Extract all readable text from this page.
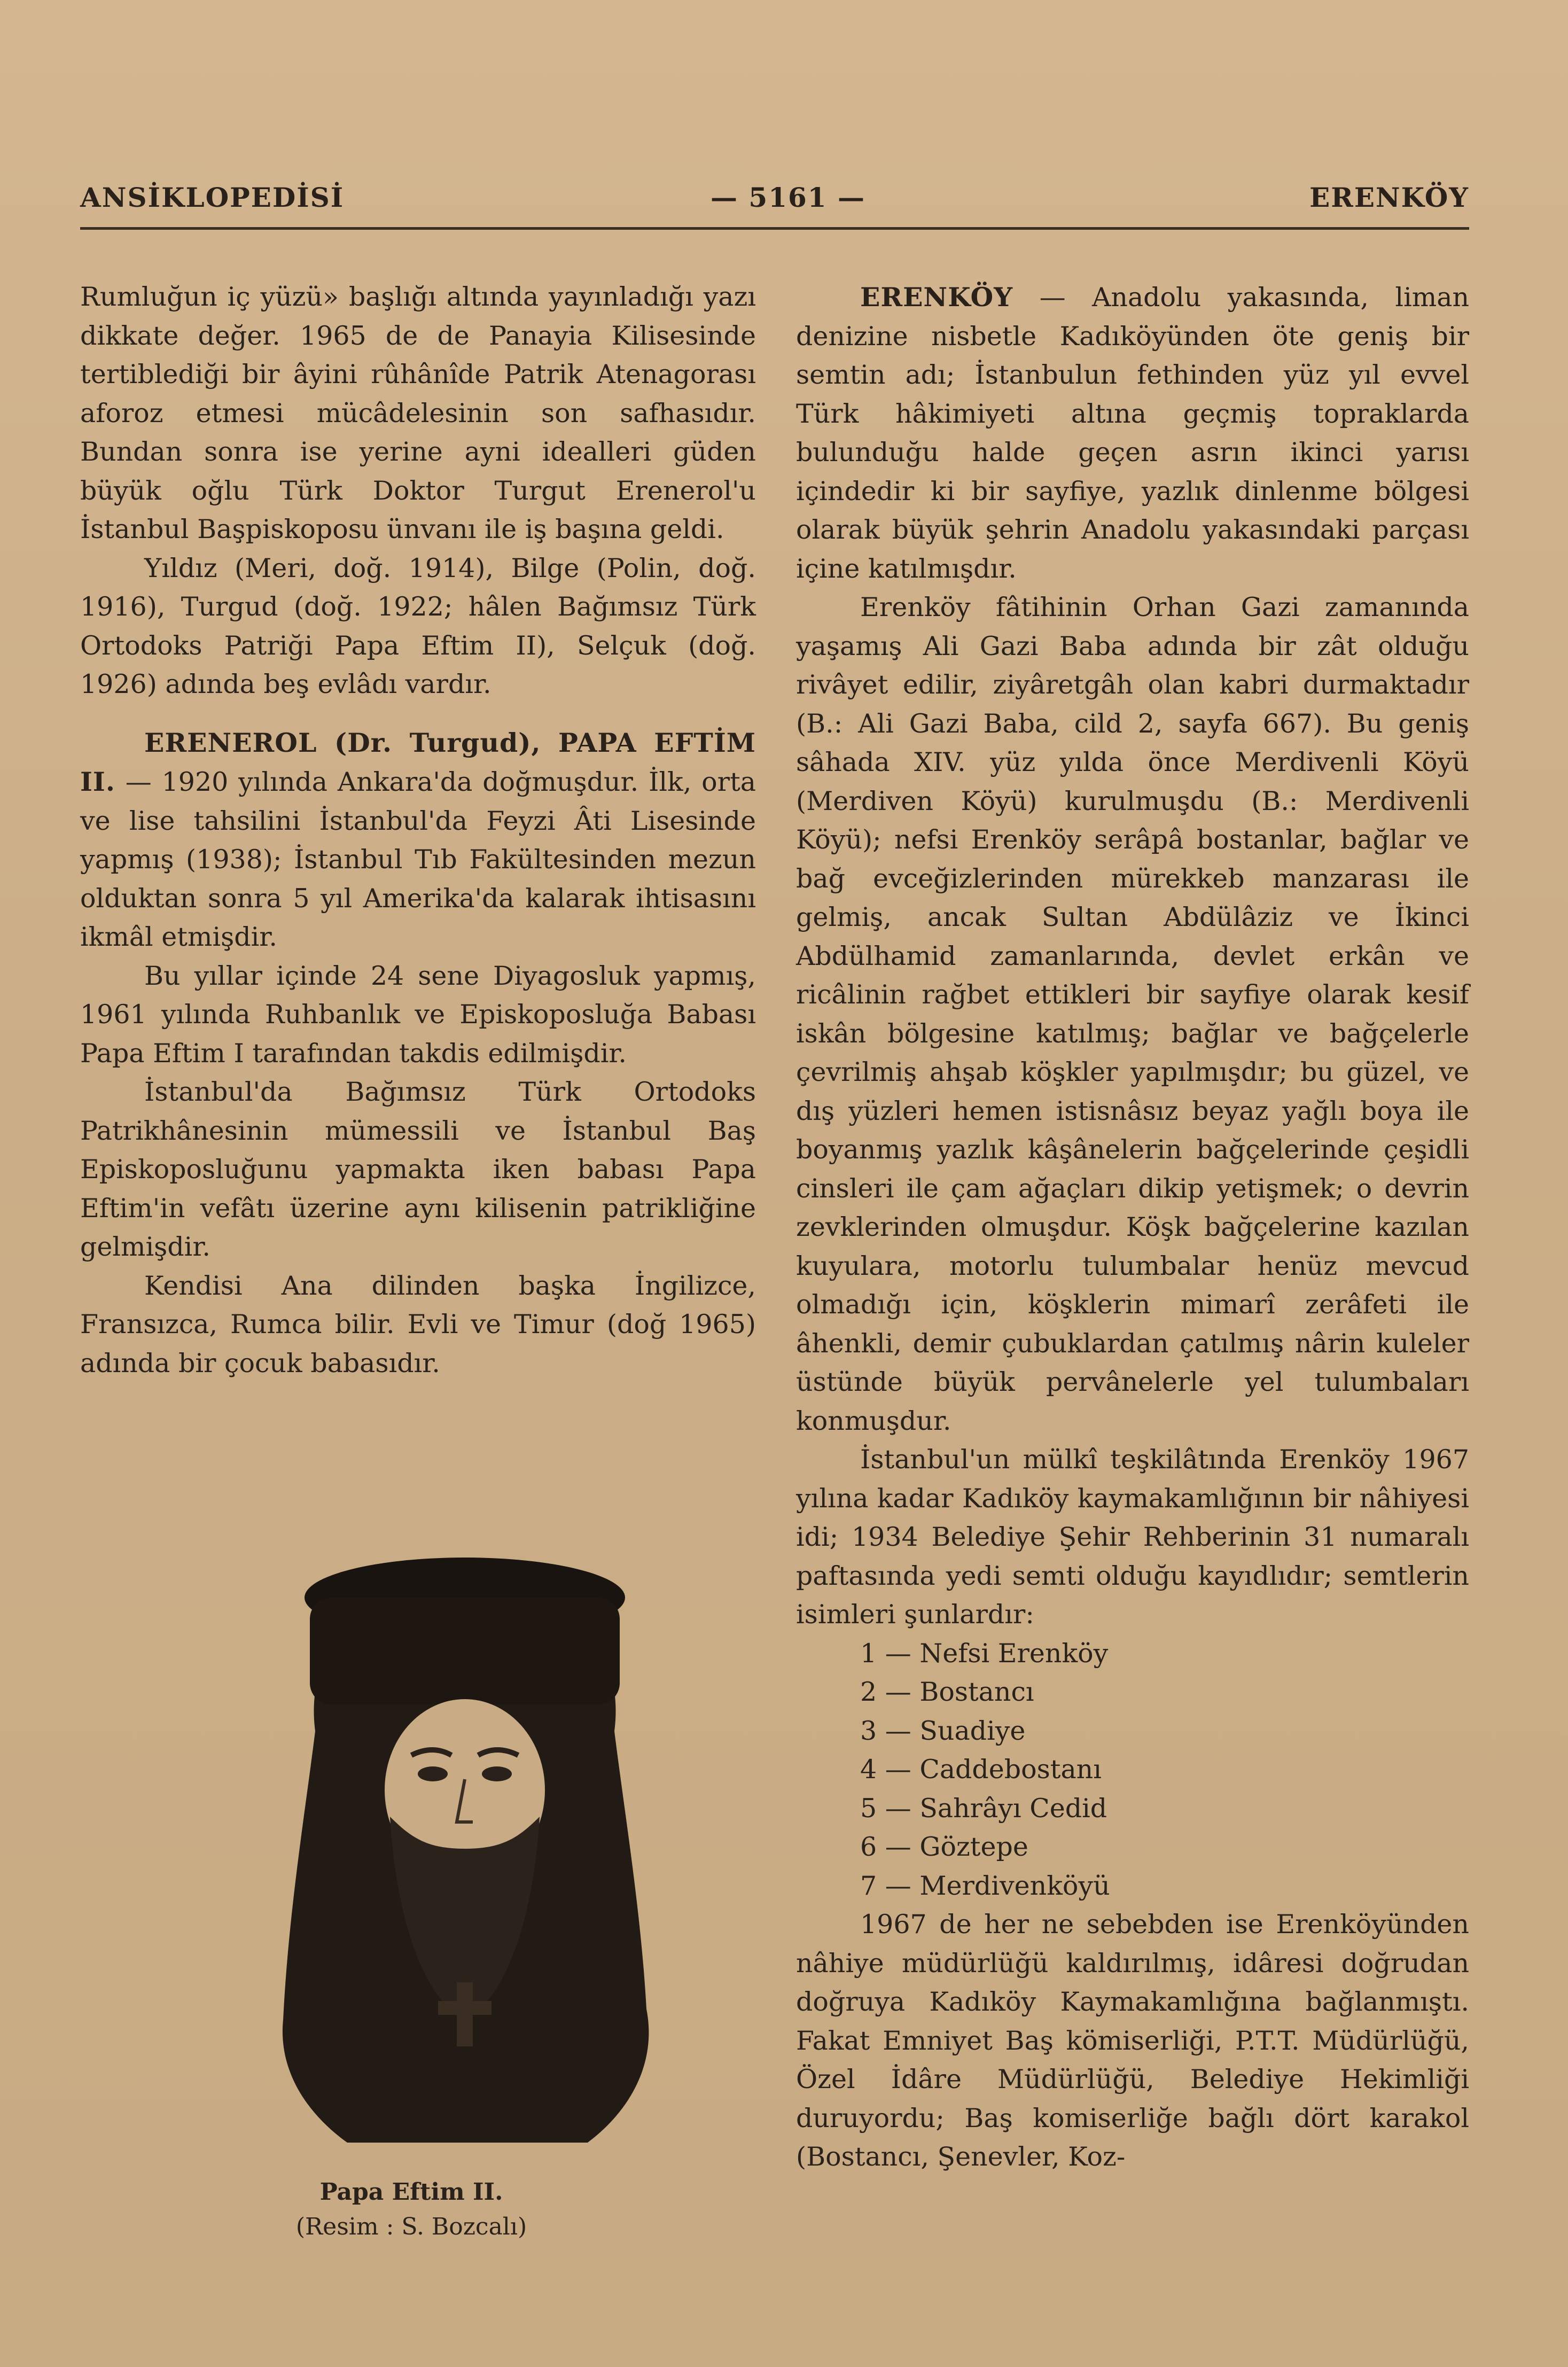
ANSİKLOPEDİSİ	— 5161 —	ERENKÖY

Rumluğun iç yüzü» başlığı altında yayınladığı yazı dikkate değer. 1965 de de Panayia Kilisesinde tertiblediği bir âyini rûhânîde Patrik Atenagorası aforoz etmesi mücâdelesinin son safhasıdır. Bundan sonra ise yerine ayni idealleri güden büyük oğlu Türk Doktor Turgut Erenerol'u İstanbul Başpiskoposu ünvanı ile iş başına geldi.

Yıldız (Meri, doğ. 1914), Bilge (Polin, doğ. 1916), Turgud (doğ. 1922; hâlen Bağımsız Türk Ortodoks Patriği Papa Eftim II), Selçuk (doğ. 1926) adında beş evlâdı vardır.

ERENEROL (Dr. Turgud), PAPA EFTİM II. — 1920 yılında Ankara'da doğmuşdur. İlk, orta ve lise tahsilini İstanbul'da Feyzi Âti Lisesinde yapmış (1938); İstanbul Tıb Fakültesinden mezun olduktan sonra 5 yıl Amerika'da kalarak ihtisasını ikmâl etmişdir.

Bu yıllar içinde 24 sene Diyagosluk yapmış, 1961 yılında Ruhbanlık ve Episkoposluğa Babası Papa Eftim I tarafından takdis edilmişdir.

İstanbul'da Bağımsız Türk Ortodoks Patrikhânesinin mümessili ve İstanbul Baş Episkoposluğunu yapmakta iken babası Papa Eftim'in vefâtı üzerine aynı kilisenin patrikliğine gelmişdir.

Kendisi Ana dilinden başka İngilizce, Fransızca, Rumca bilir. Evli ve Timur (doğ 1965) adında bir çocuk babasıdır.

Papa Eftim II.
(Resim : S. Bozcalı)

ERENKÖY — Anadolu yakasında, liman denizine nisbetle Kadıköyünden öte geniş bir semtin adı; İstanbulun fethinden yüz yıl evvel Türk hâkimiyeti altına geçmiş topraklarda bulunduğu halde geçen asrın ikinci yarısı içindedir ki bir sayfiye, yazlık dinlenme bölgesi olarak büyük şehrin Anadolu yakasındaki parçası içine katılmışdır.

Erenköy fâtihinin Orhan Gazi zamanında yaşamış Ali Gazi Baba adında bir zât olduğu rivâyet edilir, ziyâretgâh olan kabri durmaktadır (B.: Ali Gazi Baba, cild 2, sayfa 667). Bu geniş sâhada XIV. yüz yılda önce Merdivenli Köyü (Merdiven Köyü) kurulmuşdu (B.: Merdivenli Köyü); nefsi Erenköy serâpâ bostanlar, bağlar ve bağ evceğizlerinden mürekkeb manzarası ile gelmiş, ancak Sultan Abdülâziz ve İkinci Abdülhamid zamanlarında, devlet erkân ve ricâlinin rağbet ettikleri bir sayfiye olarak kesif iskân bölgesine katılmış; bağlar ve bağçelerle çevrilmiş ahşab köşkler yapılmışdır; bu güzel, ve dış yüzleri hemen istisnâsız beyaz yağlı boya ile boyanmış yazlık kâşânelerin bağçelerinde çeşidli cinsleri ile çam ağaçları dikip yetişmek; o devrin zevklerinden olmuşdur. Köşk bağçelerine kazılan kuyulara, motorlu tulumbalar henüz mevcud olmadığı için, köşklerin mimarî zerâfeti ile âhenkli, demir çubuklardan çatılmış nârin kuleler üstünde büyük pervânelerle yel tulumbaları konmuşdur.

İstanbul'un mülkî teşkilâtında Erenköy 1967 yılına kadar Kadıköy kaymakamlığının bir nâhiyesi idi; 1934 Belediye Şehir Rehberinin 31 numaralı paftasında yedi semti olduğu kayıdlıdır; semtlerin isimleri şunlardır:

1 — Nefsi Erenköy

2 — Bostancı

3 — Suadiye

4 — Caddebostanı

5 — Sahrâyı Cedid

6 — Göztepe

7 — Merdivenköyü

1967 de her ne sebebden ise Erenköyünden nâhiye müdürlüğü kaldırılmış, idâresi doğrudan doğruya Kadıköy Kaymakamlığına bağlanmıştı. Fakat Emniyet Baş kömiserliği, P.T.T. Müdürlüğü, Özel İdâre Müdürlüğü, Belediye Hekimliği duruyordu; Baş komiserliğe bağlı dört karakol (Bostancı, Şenevler, Koz-
